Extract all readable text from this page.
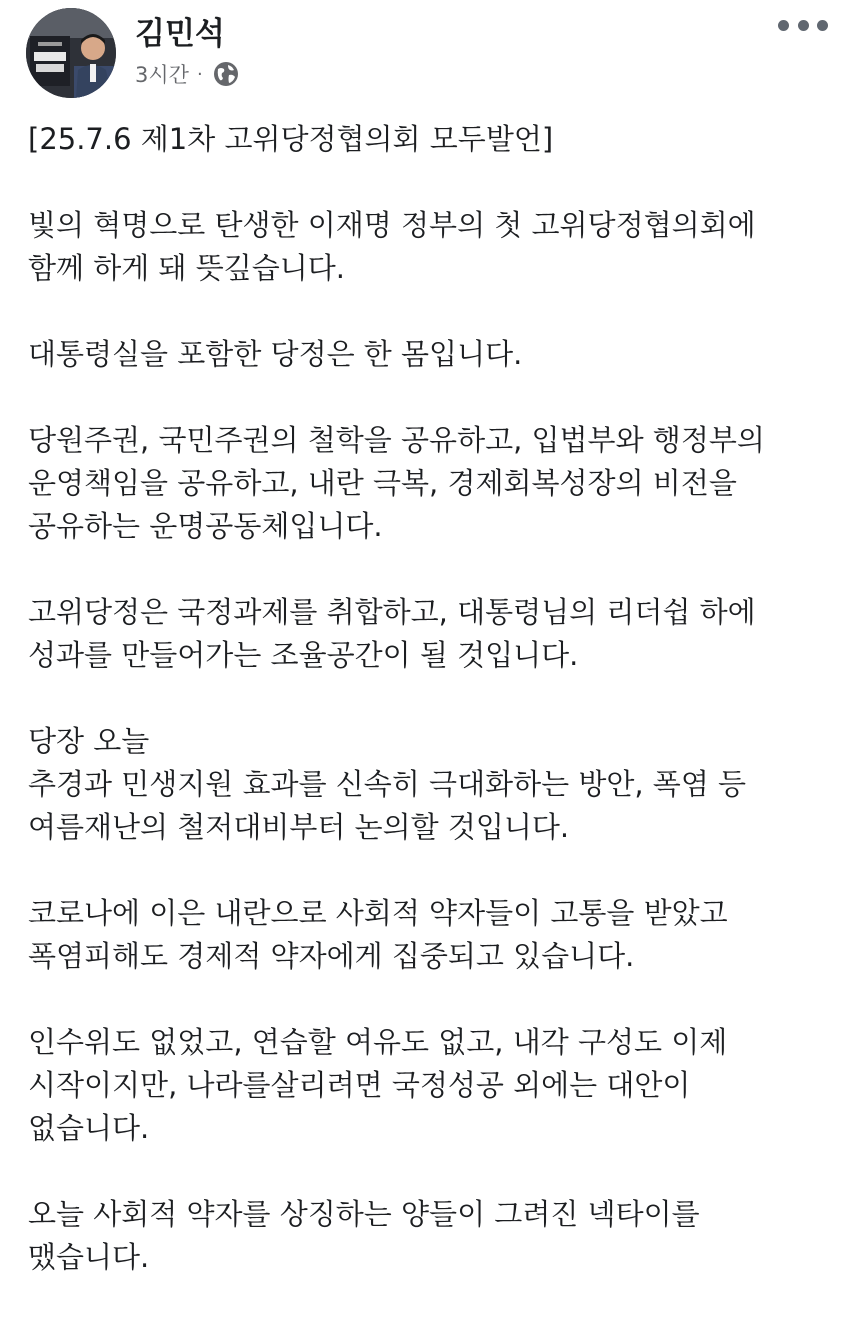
김민석
3시간 ·

[25.7.6 제1차 고위당정협의회 모두발언]

빛의 혁명으로 탄생한 이재명 정부의 첫 고위당정협의회에
함께 하게 돼 뜻깊습니다.

대통령실을 포함한 당정은 한 몸입니다.

당원주권, 국민주권의 철학을 공유하고, 입법부와 행정부의
운영책임을 공유하고, 내란 극복, 경제회복성장의 비전을
공유하는 운명공동체입니다.

고위당정은 국정과제를 취합하고, 대통령님의 리더쉽 하에
성과를 만들어가는 조율공간이 될 것입니다.

당장 오늘
추경과 민생지원 효과를 신속히 극대화하는 방안, 폭염 등
여름재난의 철저대비부터 논의할 것입니다.

코로나에 이은 내란으로 사회적 약자들이 고통을 받았고
폭염피해도 경제적 약자에게 집중되고 있습니다.

인수위도 없었고, 연습할 여유도 없고, 내각 구성도 이제
시작이지만, 나라를살리려면 국정성공 외에는 대안이
없습니다.

오늘 사회적 약자를 상징하는 양들이 그려진 넥타이를
맸습니다.
